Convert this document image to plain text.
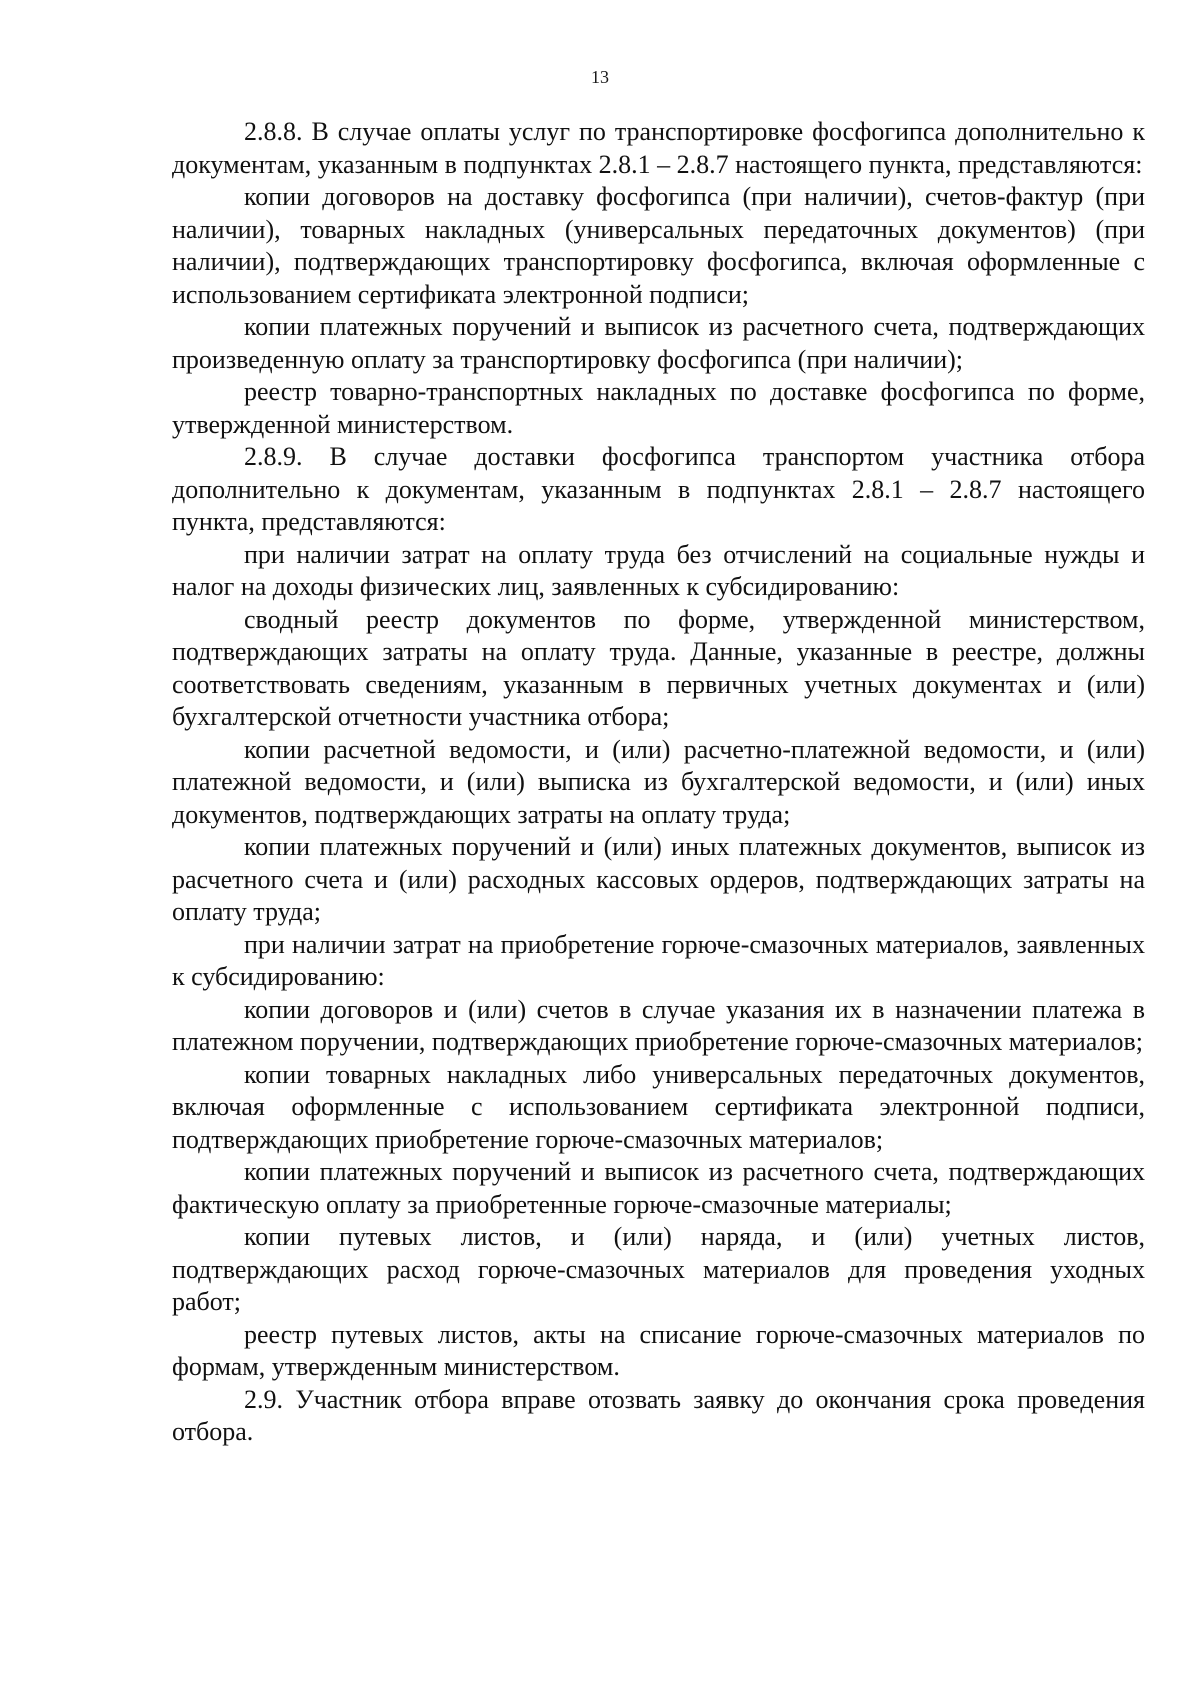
13

2.8.8. В случае оплаты услуг по транспортировке фосфогипса дополнительно к документам, указанным в подпунктах 2.8.1 – 2.8.7 настоящего пункта, представляются:

копии договоров на доставку фосфогипса (при наличии), счетов-фактур (при наличии), товарных накладных (универсальных передаточных документов) (при наличии), подтверждающих транспортировку фосфогипса, включая оформленные с использованием сертификата электронной подписи;

копии платежных поручений и выписок из расчетного счета, подтверждающих произведенную оплату за транспортировку фосфогипса (при наличии);

реестр товарно-транспортных накладных по доставке фосфогипса по форме, утвержденной министерством.

2.8.9. В случае доставки фосфогипса транспортом участника отбора дополнительно к документам, указанным в подпунктах 2.8.1 – 2.8.7 настоящего пункта, представляются:

при наличии затрат на оплату труда без отчислений на социальные нужды и налог на доходы физических лиц, заявленных к субсидированию:

сводный реестр документов по форме, утвержденной министерством, подтверждающих затраты на оплату труда. Данные, указанные в реестре, должны соответствовать сведениям, указанным в первичных учетных документах и (или) бухгалтерской отчетности участника отбора;

копии расчетной ведомости, и (или) расчетно-платежной ведомости, и (или) платежной ведомости, и (или) выписка из бухгалтерской ведомости, и (или) иных документов, подтверждающих затраты на оплату труда;

копии платежных поручений и (или) иных платежных документов, выписок из расчетного счета и (или) расходных кассовых ордеров, подтверждающих затраты на оплату труда;

при наличии затрат на приобретение горюче-смазочных материалов, заявленных к субсидированию:

копии договоров и (или) счетов в случае указания их в назначении платежа в платежном поручении, подтверждающих приобретение горюче-смазочных материалов;

копии товарных накладных либо универсальных передаточных документов, включая оформленные с использованием сертификата электронной подписи, подтверждающих приобретение горюче-смазочных материалов;

копии платежных поручений и выписок из расчетного счета, подтверждающих фактическую оплату за приобретенные горюче-смазочные материалы;

копии путевых листов, и (или) наряда, и (или) учетных листов, подтверждающих расход горюче-смазочных материалов для проведения уходных работ;

реестр путевых листов, акты на списание горюче-смазочных материалов по формам, утвержденным министерством.

2.9. Участник отбора вправе отозвать заявку до окончания срока проведения отбора.
